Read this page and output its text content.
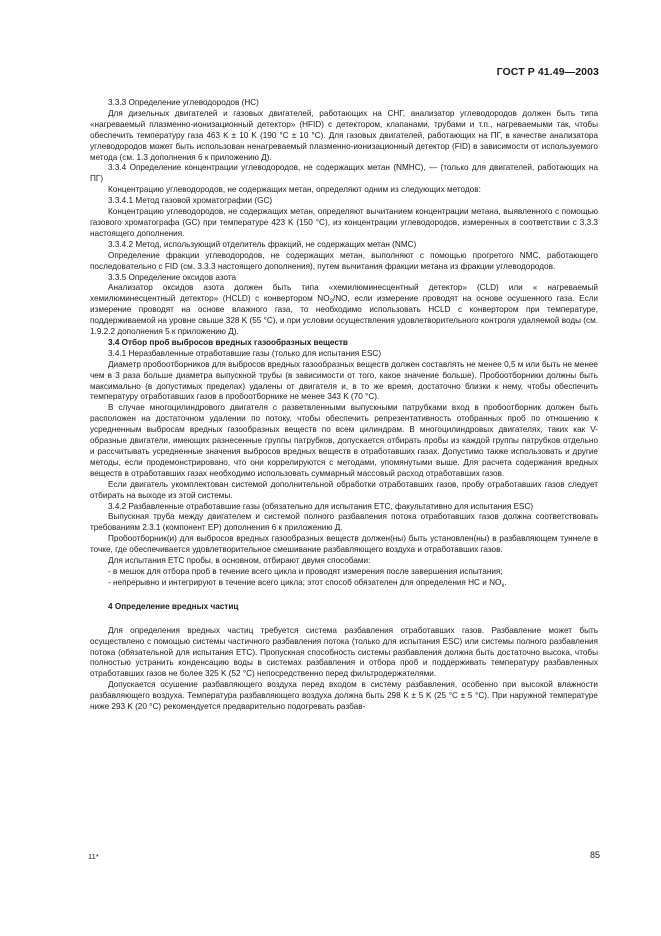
ГОСТ Р 41.49—2003

3.3.3 Определение углеводородов (НС)

Для дизельных двигателей и газовых двигателей, работающих на СНГ, анализатор углеводородов должен быть типа «нагреваемый плазменно-ионизационный детектор» (HFID) с детектором, клапанами, трубами и т.п., нагреваемыми так, чтобы обеспечить температуру газа 463 K ± 10 K (190 °C ± 10 °C). Для газовых двигателей, работающих на ПГ, в качестве анализатора углеводородов может быть использован ненагреваемый плазменно-ионизационный детектор (FID) в зависимости от используемого метода (см. 1.3 дополнения 6 к приложению Д).

3.3.4 Определение концентрации углеводородов, не содержащих метан (NMHC), — (только для двигателей, работающих на ПГ)

Концентрацию углеводородов, не содержащих метан, определяют одним из следующих методов:

3.3.4.1 Метод газовой хроматографии (GC)

Концентрацию углеводородов, не содержащих метан, определяют вычитанием концентрации метана, выявленного с помощью газового хроматографа (GC) при температуре 423 K (150 °C), из концентрации углеводородов, измеренных в соответствии с 3.3.3 настоящего дополнения.

3.3.4.2 Метод, использующий отделитель фракций, не содержащих метан (NMC)

Определение фракции углеводородов, не содержащих метан, выполняют с помощью прогретого NMC, работающего последовательно с FID (см. 3.3.3 настоящего дополнения), путем вычитания фракции метана из фракции углеводородов.

3.3.5 Определение оксидов азота

Анализатор оксидов азота должен быть типа «хемилюминесцентный детектор» (CLD) или « нагреваемый хемилюминесцентный детектор» (HCLD) с конвертором $NO_2/NO$, если измерение проводят на основе осушенного газа. Если измерение проводят на основе влажного газа, то необходимо использовать HCLD с конвертором при температуре, поддерживаемой на уровне свыше 328 K (55 °C), и при условии осуществления удовлетворительного контроля удаляемой воды (см. 1.9.2.2 дополнения 5 к приложению Д).

3.4 Отбор проб выбросов вредных газообразных веществ

3.4.1 Неразбавленные отработавшие газы (только для испытания ESC)

Диаметр пробоотборников для выбросов вредных газообразных веществ должен составлять не менее 0,5 м или быть не менее чем в 3 раза больше диаметра выпускной трубы (в зависимости от того, какое значение больше). Пробоотборники должны быть максимально (в допустимых пределах) удалены от двигателя и, в то же время, достаточно близки к нему, чтобы обеспечить температуру отработавших газов в пробоотборнике не менее 343 K (70 °C).

В случае многоцилиндрового двигателя с разветвленными выпускными патрубками вход в пробоотборник должен быть расположен на достаточном удалении по потоку, чтобы обеспечить репрезентативность отобранных проб по отношению к усредненным выбросам вредных газообразных веществ по всем цилиндрам. В многоцилиндровых двигателях, таких как V-образные двигатели, имеющих разнесенные группы патрубков, допускается отбирать пробы из каждой группы патрубков отдельно и рассчитывать усредненные значения выбросов вредных веществ в отработавших газах. Допустимо также использовать и другие методы, если продемонстрировано, что они коррелируются с методами, упомянутыми выше. Для расчета содержания вредных веществ в отработавших газах необходимо использовать суммарный массовый расход отработавших газов.

Если двигатель укомплектован системой дополнительной обработки отработавших газов, пробу отработавших газов следует отбирать на выходе из этой системы.

3.4.2 Разбавленные отработавшие газы (обязательно для испытания ETC, факультативно для испытания ESC)

Выпускная труба между двигателем и системой полного разбавления потока отработавших газов должна соответствовать требованиям 2.3.1 (компонент EP) дополнения 6 к приложению Д.

Пробоотборник(и) для выбросов вредных газообразных веществ должен(ны) быть установлен(ны) в разбавляющем туннеле в точке, где обеспечивается удовлетворительное смешивание разбавляющего воздуха и отработавших газов.

Для испытания ETC пробы, в основном, отбирают двумя способами:

- в мешок для отбора проб в течение всего цикла и проводят измерения после завершения испытания;

- непрерывно и интегрируют в течение всего цикла; этот способ обязателен для определения HC и $NO_x$.

4 Определение вредных частиц

Для определения вредных частиц требуется система разбавления отработавших газов. Разбавление может быть осуществлено с помощью системы частичного разбавления потока (только для испытания ESC) или системы полного разбавления потока (обязательной для испытания ETC). Пропускная способность системы разбавления должна быть достаточно высока, чтобы полностью устранить конденсацию воды в системах разбавления и отбора проб и поддерживать температуру разбавленных отработавших газов не более 325 K (52 °C) непосредственно перед фильтродержателями.

Допускается осушение разбавляющего воздуха перед входом в систему разбавления, особенно при высокой влажности разбавляющего воздуха. Температура разбавляющего воздуха должна быть 298 K ± 5 K (25 °C ± 5 °C). При наружной температуре ниже 293 K (20 °C) рекомендуется предварительно подогревать разбав-

11*	85
